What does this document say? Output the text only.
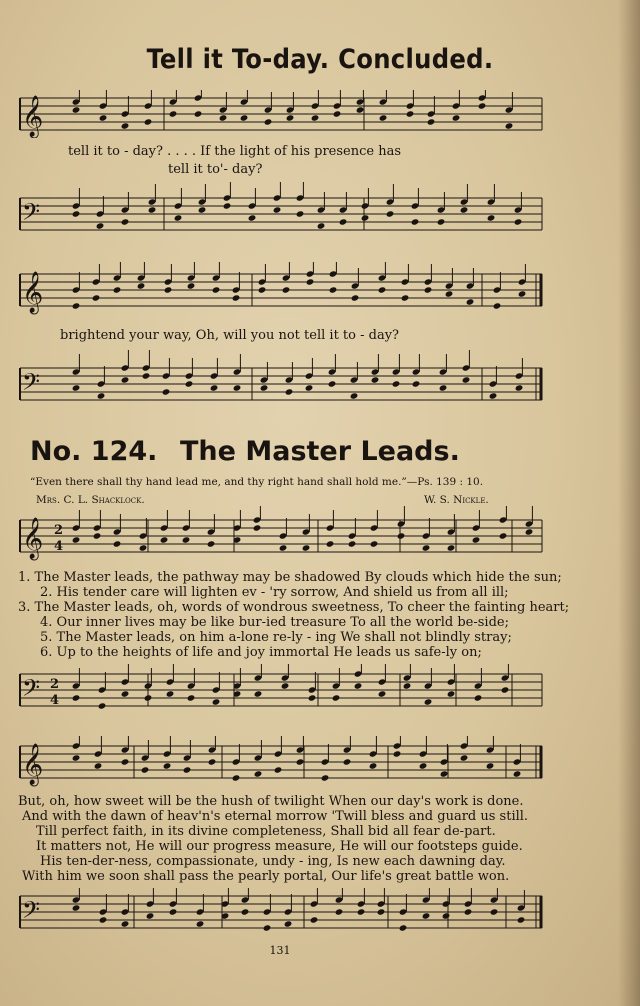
Tell it To-day. Concluded.
𝄞
tell it to - day? . . . . If the light of his presence has
tell it to'- day?
𝄢
𝄞
brightend your way, Oh, will you not tell it to - day?
𝄢
No. 124. The Master Leads.
“Even there shall thy hand lead me, and thy right hand shall hold me.”—Ps. 139 : 10.
Mrs. C. L. Shacklock.	W. S. Nickle.
𝄞 2
4
1. The Master leads, the pathway may be shadowed By clouds which hide the sun;
2. His tender care will lighten ev - 'ry sorrow, And shield us from all ill;
3. The Master leads, oh, words of wondrous sweetness, To cheer the fainting heart;
4. Our inner lives may be like bur-ied treasure To all the world be-side;
5. The Master leads, on him a-lone re-ly - ing We shall not blindly stray;
6. Up to the heights of life and joy immortal He leads us safe-ly on;
𝄢 2
4
𝄞
But, oh, how sweet will be the hush of twilight When our day's work is done.
And with the dawn of heav'n's eternal morrow 'Twill bless and guard us still.
Till perfect faith, in its divine completeness, Shall bid all fear de-part.
It matters not, He will our progress measure, He will our footsteps guide.
His ten-der-ness, compassionate, undy - ing, Is new each dawning day.
With him we soon shall pass the pearly portal, Our life's great battle won.
𝄢
131
